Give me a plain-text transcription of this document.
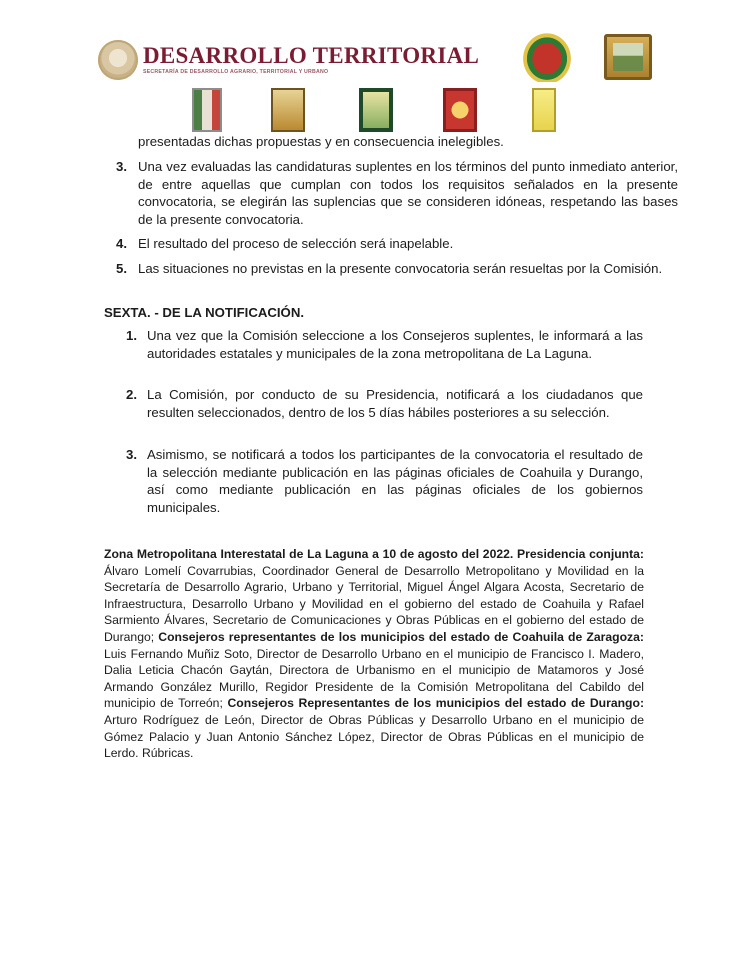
DESARROLLO TERRITORIAL
SECRETARÍA DE DESARROLLO AGRARIO, TERRITORIAL Y URBANO
presentadas dichas propuestas y en consecuencia inelegibles.
3. Una vez evaluadas las candidaturas suplentes en los términos del punto inmediato anterior, de entre aquellas que cumplan con todos los requisitos señalados en la presente convocatoria, se elegirán las suplencias que se consideren idóneas, respetando las bases de la presente convocatoria.
4. El resultado del proceso de selección será inapelable.
5. Las situaciones no previstas en la presente convocatoria serán resueltas por la Comisión.
SEXTA. - DE LA NOTIFICACIÓN.
1. Una vez que la Comisión seleccione a los Consejeros suplentes, le informará a las autoridades estatales y municipales de la zona metropolitana de La Laguna.
2. La Comisión, por conducto de su Presidencia, notificará a los ciudadanos que resulten seleccionados, dentro de los 5 días hábiles posteriores a su selección.
3. Asimismo, se notificará a todos los participantes de la convocatoria el resultado de la selección mediante publicación en las páginas oficiales de Coahuila y Durango, así como mediante publicación en las páginas oficiales de los gobiernos municipales.
Zona Metropolitana Interestatal de La Laguna a 10 de agosto del 2022. Presidencia conjunta: Álvaro Lomelí Covarrubias, Coordinador General de Desarrollo Metropolitano y Movilidad en la Secretaría de Desarrollo Agrario, Urbano y Territorial, Miguel Ángel Algara Acosta, Secretario de Infraestructura, Desarrollo Urbano y Movilidad en el gobierno del estado de Coahuila y Rafael Sarmiento Álvares, Secretario de Comunicaciones y Obras Públicas en el gobierno del estado de Durango; Consejeros representantes de los municipios del estado de Coahuila de Zaragoza: Luis Fernando Muñiz Soto, Director de Desarrollo Urbano en el municipio de Francisco I. Madero, Dalia Leticia Chacón Gaytán, Directora de Urbanismo en el municipio de Matamoros y José Armando González Murillo, Regidor Presidente de la Comisión Metropolitana del Cabildo del municipio de Torreón; Consejeros Representantes de los municipios del estado de Durango: Arturo Rodríguez de León, Director de Obras Públicas y Desarrollo Urbano en el municipio de Gómez Palacio y Juan Antonio Sánchez López, Director de Obras Públicas en el municipio de Lerdo. Rúbricas.
